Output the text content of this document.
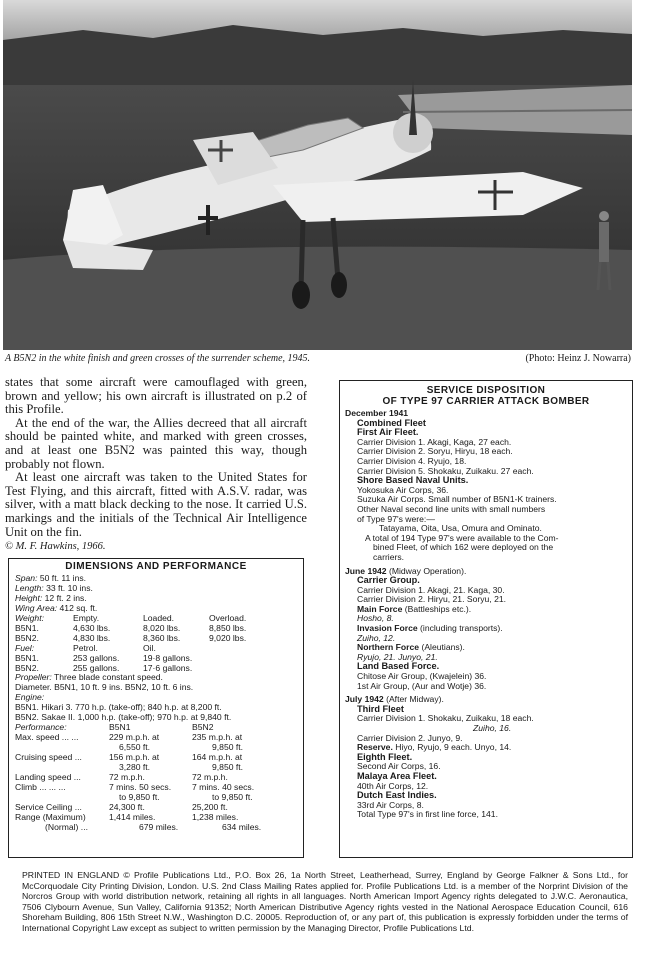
A B5N2 in the white finish and green crosses of the surrender scheme, 1945.	(Photo: Heinz J. Nowarra)

states that some aircraft were camouflaged with green, brown and yellow; his own aircraft is illustrated on p.2 of this Profile.

At the end of the war, the Allies decreed that all aircraft should be painted white, and marked with green crosses, and at least one B5N2 was painted this way, though probably not flown.

At least one aircraft was taken to the United States for Test Flying, and this aircraft, fitted with A.S.V. radar, was silver, with a matt black decking to the nose. It carried U.S. markings and the initials of the Technical Air Intelligence Unit on the fin.

© M. F. Hawkins, 1966.
DIMENSIONS AND PERFORMANCE
Span: 50 ft. 11 ins.
Length: 33 ft. 10 ins.
Height: 12 ft. 2 ins.
Wing Area: 412 sq. ft.
Weight:	Empty.	Loaded.	Overload.
B5N1.	4,630 lbs.	8,020 lbs.	8,850 lbs.
B5N2.	4,830 lbs.	8,360 lbs.	9,020 lbs.
Fuel:	Petrol.	Oil.
B5N1.	253 gallons.	19·8 gallons.
B5N2.	255 gallons.	17·6 gallons.
Propeller: Three blade constant speed.
Diameter. B5N1, 10 ft. 9 ins. B5N2, 10 ft. 6 ins.
Engine:
B5N1. Hikari 3. 770 h.p. (take-off); 840 h.p. at 8,200 ft.
B5N2. Sakae II. 1,000 h.p. (take-off); 970 h.p. at 9,840 ft.
Performance:	B5N1	B5N2
Max. speed ... ...	229 m.p.h. at	235 m.p.h. at
6,550 ft.	9,850 ft.
Cruising speed ...	156 m.p.h. at	164 m.p.h. at
3,280 ft.	9,850 ft.
Landing speed ...	72 m.p.h.	72 m.p.h.
Climb ... ... ...	7 mins. 50 secs.	7 mins. 40 secs.
to 9,850 ft.	to 9,850 ft.
Service Ceiling ...	24,300 ft.	25,200 ft.
Range (Maximum)	1,414 miles.	1,238 miles.
(Normal) ...	679 miles.	634 miles.
SERVICE DISPOSITION
OF TYPE 97 CARRIER ATTACK BOMBER
December 1941
Combined Fleet
First Air Fleet.
Carrier Division 1. Akagi, Kaga, 27 each.
Carrier Division 2. Soryu, Hiryu, 18 each.
Carrier Division 4. Ryujo, 18.
Carrier Division 5. Shokaku, Zuikaku. 27 each.
Shore Based Naval Units.
Yokosuka Air Corps, 36.
Suzuka Air Corps. Small number of B5N1-K trainers.
Other Naval second line units with small numbers
of Type 97's were:—
Tatayama, Oita, Usa, Omura and Ominato.
A total of 194 Type 97's were available to the Com-
bined Fleet, of which 162 were deployed on the
carriers.
June 1942 (Midway Operation).
Carrier Group.
Carrier Division 1. Akagi, 21. Kaga, 30.
Carrier Division 2. Hiryu, 21. Soryu, 21.
Main Force (Battleships etc.).
Hosho, 8.
Invasion Force (including transports).
Zuiho, 12.
Northern Force (Aleutians).
Ryujo, 21. Junyo, 21.
Land Based Force.
Chitose Air Group, (Kwajelein) 36.
1st Air Group, (Aur and Wotje) 36.
July 1942 (After Midway).
Third Fleet
Carrier Division 1. Shokaku, Zuikaku, 18 each.
Zuiho, 16.
Carrier Division 2. Junyo, 9.
Reserve. Hiyo, Ryujo, 9 each. Unyo, 14.
Eighth Fleet.
Second Air Corps, 16.
Malaya Area Fleet.
40th Air Corps, 12.
Dutch East Indies.
33rd Air Corps, 8.
Total Type 97's in first line force, 141.
PRINTED IN ENGLAND © Profile Publications Ltd., P.O. Box 26, 1a North Street, Leatherhead, Surrey, England by George Falkner & Sons Ltd., for McCorquodale City Printing Division, London. U.S. 2nd Class Mailing Rates applied for. Profile Publications Ltd. is a member of the Norprint Division of the Norcros Group with world distribution network, retaining all rights in all languages. North American Import Agency rights delegated to J.W.C. Aeronautica, 7506 Clybourn Avenue, Sun Valley, California 91352; North American Distributive Agency rights vested in the National Aerospace Education Council, 616 Shoreham Building, 806 15th Street N.W., Washington D.C. 20005. Reproduction of, or any part of, this publication is expressly forbidden under the terms of International Copyright Law except as subject to written permission by the Managing Director, Profile Publications Ltd.
